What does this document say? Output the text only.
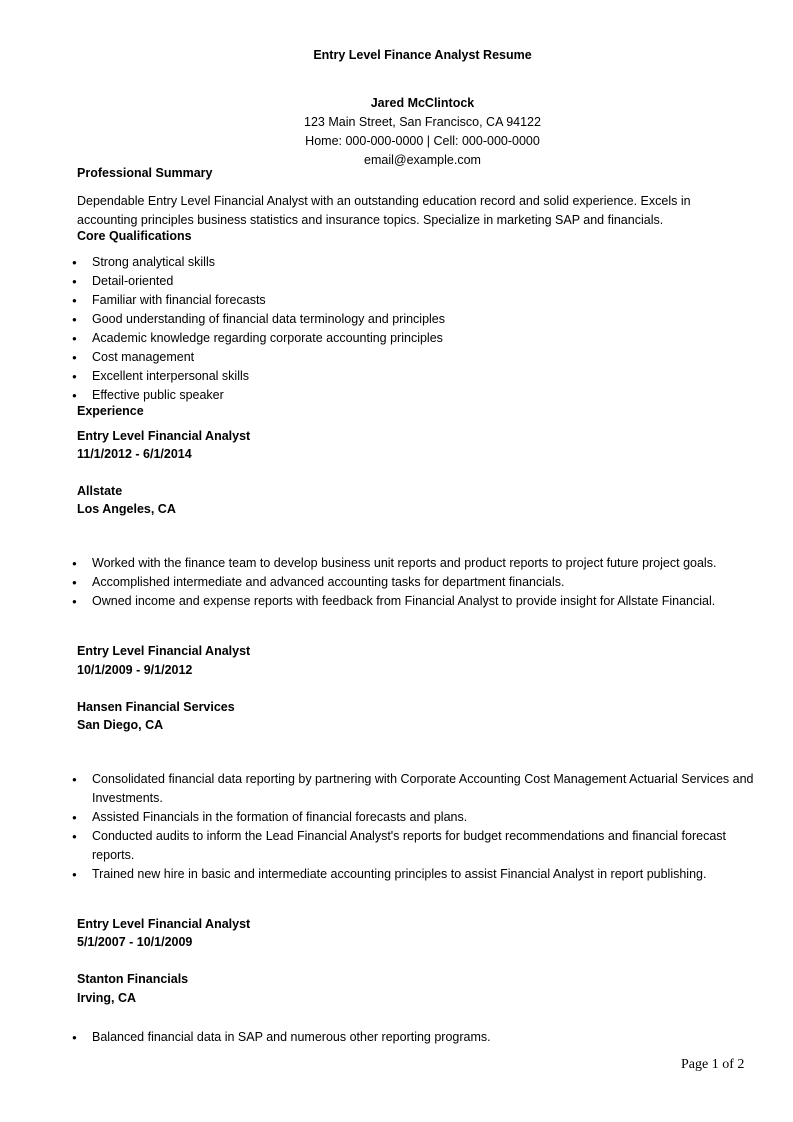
Entry Level Finance Analyst Resume
Jared McClintock
123 Main Street, San Francisco, CA 94122
Home: 000-000-0000 | Cell: 000-000-0000
email@example.com
Professional Summary
Dependable Entry Level Financial Analyst with an outstanding education record and solid experience. Excels in accounting principles business statistics and insurance topics. Specialize in marketing SAP and financials.
Core Qualifications
● Strong analytical skills
● Detail-oriented
● Familiar with financial forecasts
● Good understanding of financial data terminology and principles
● Academic knowledge regarding corporate accounting principles
● Cost management
● Excellent interpersonal skills
● Effective public speaker
Experience
Entry Level Financial Analyst
11/1/2012 - 6/1/2014
Allstate
Los Angeles, CA
● Worked with the finance team to develop business unit reports and product reports to project future project goals.
● Accomplished intermediate and advanced accounting tasks for department financials.
● Owned income and expense reports with feedback from Financial Analyst to provide insight for Allstate Financial.
Entry Level Financial Analyst
10/1/2009 - 9/1/2012
Hansen Financial Services
San Diego, CA
● Consolidated financial data reporting by partnering with Corporate Accounting Cost Management Actuarial Services and Investments.
● Assisted Financials in the formation of financial forecasts and plans.
● Conducted audits to inform the Lead Financial Analyst's reports for budget recommendations and financial forecast reports.
● Trained new hire in basic and intermediate accounting principles to assist Financial Analyst in report publishing.
Entry Level Financial Analyst
5/1/2007 - 10/1/2009
Stanton Financials
Irving, CA
● Balanced financial data in SAP and numerous other reporting programs.
Page 1 of 2
